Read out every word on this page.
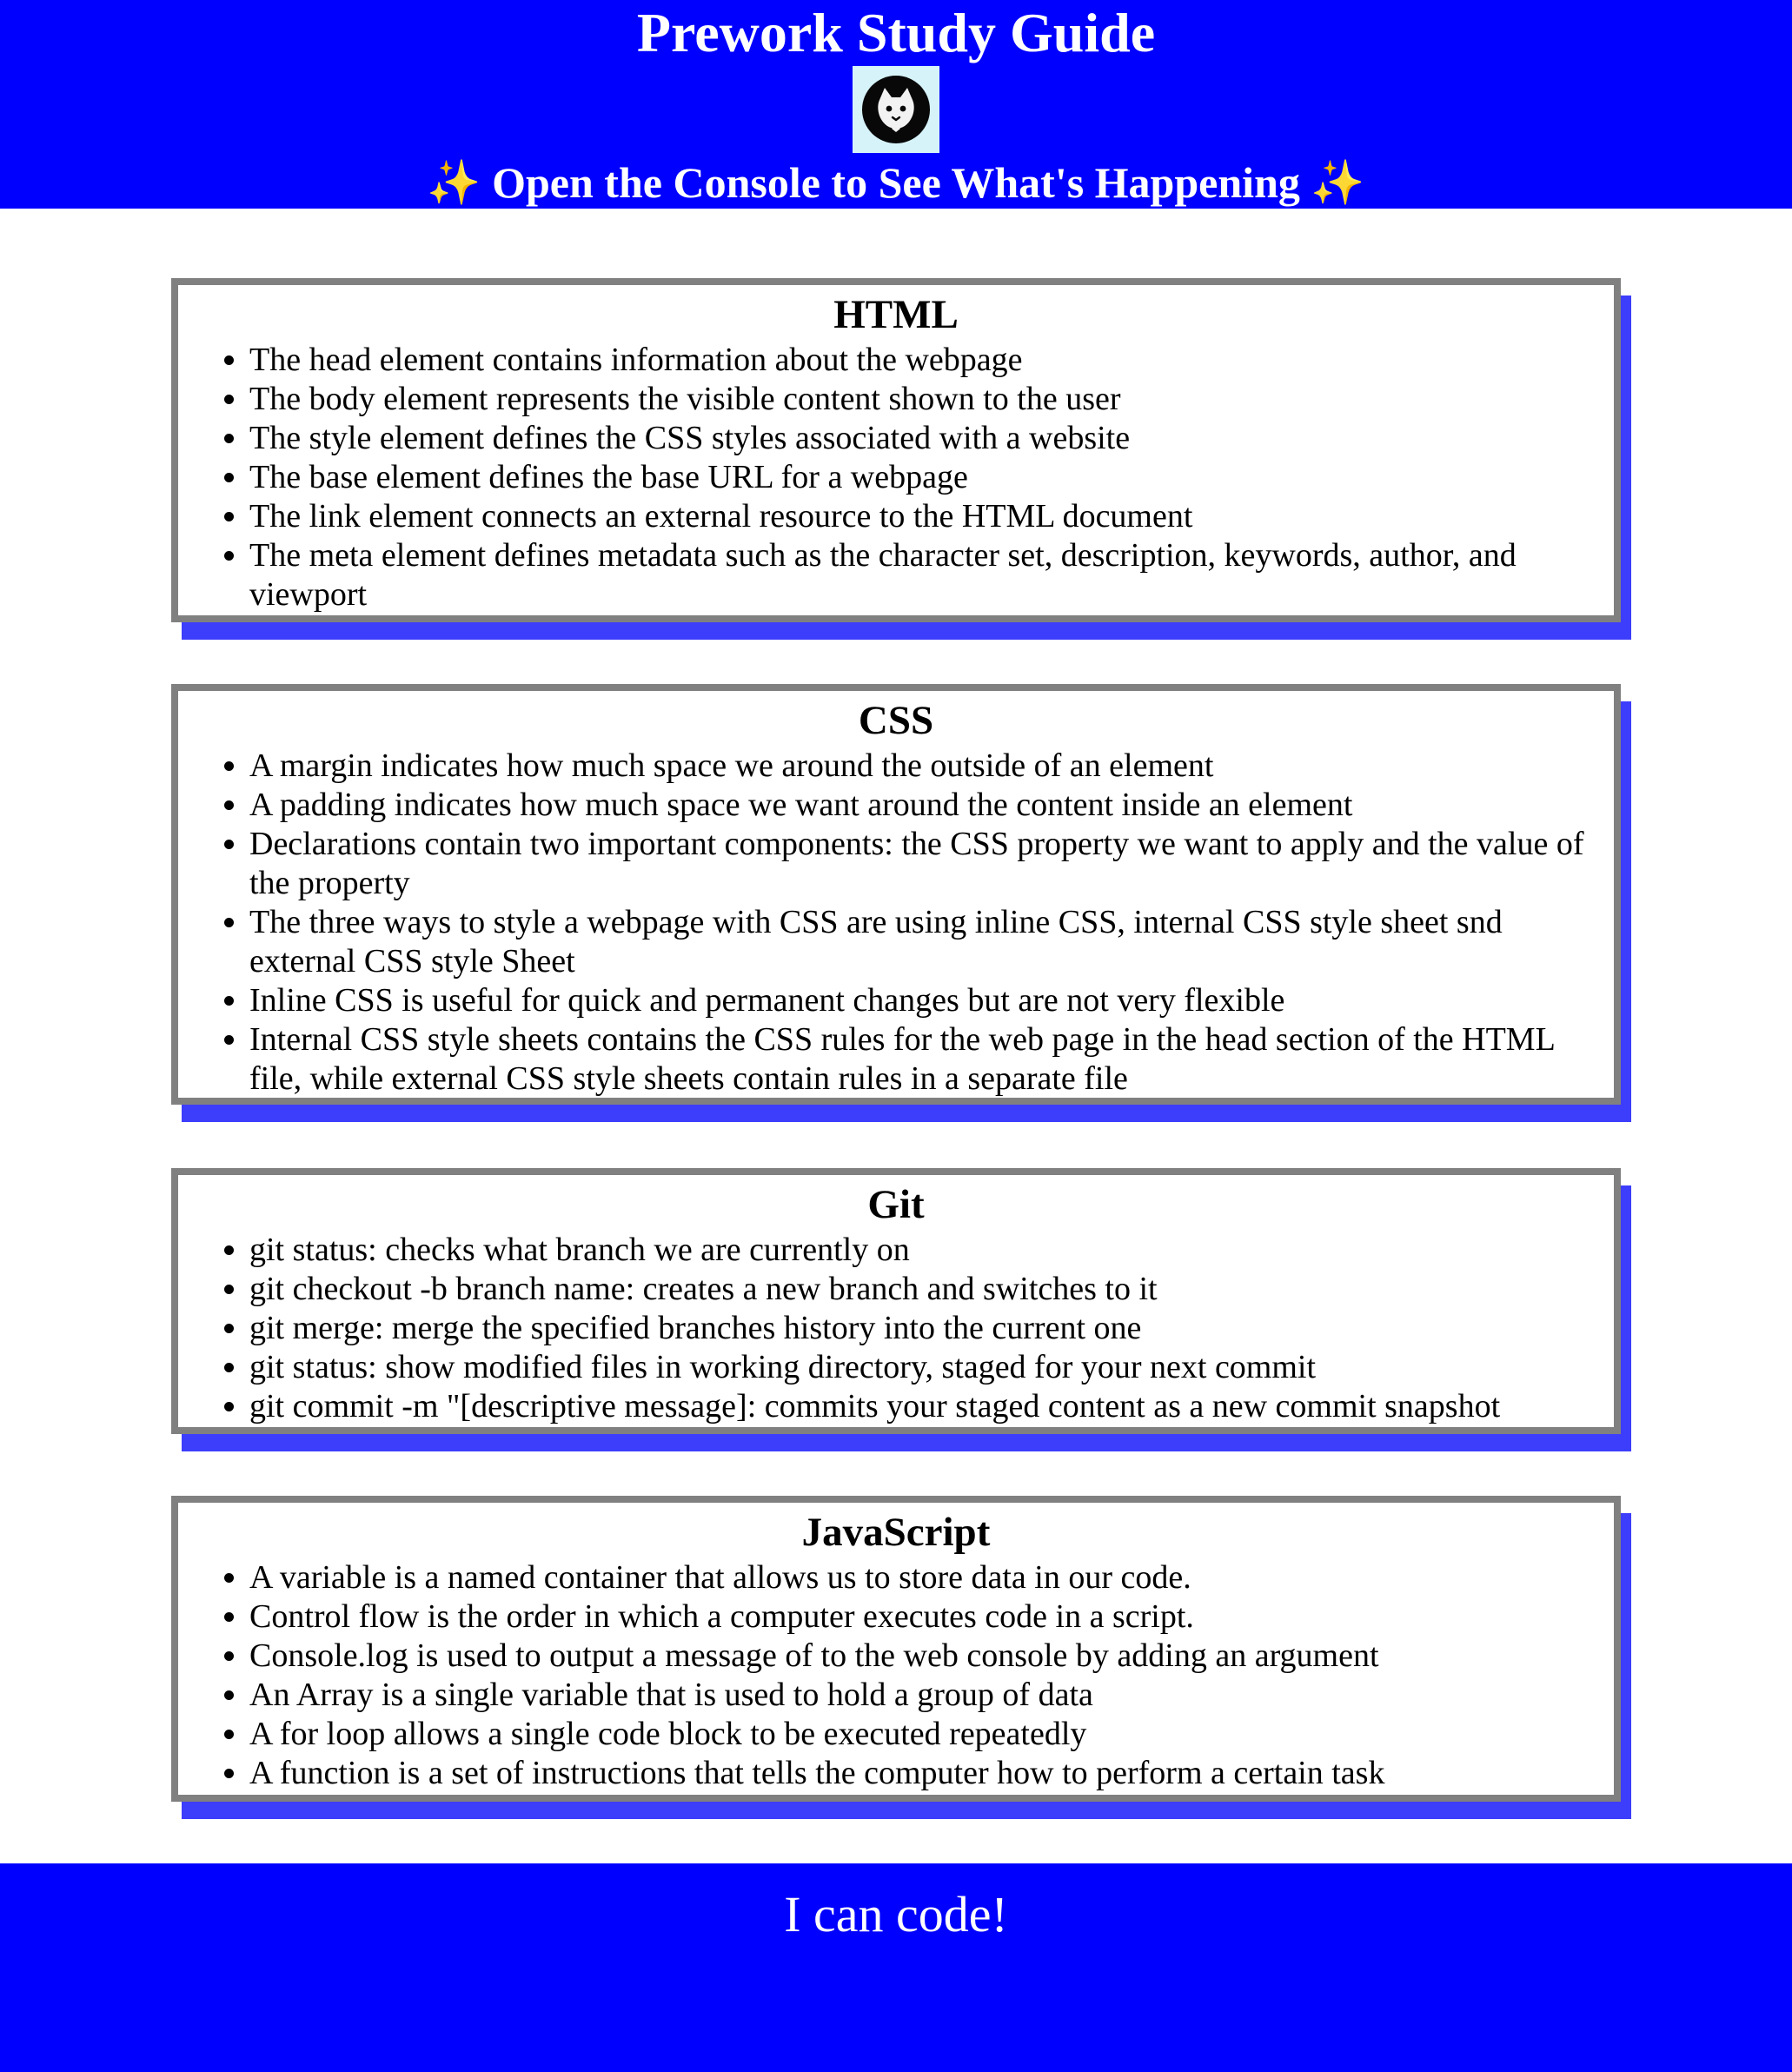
Prework Study Guide
✨ Open the Console to See What's Happening ✨
HTML
• The head element contains information about the webpage
• The body element represents the visible content shown to the user
• The style element defines the CSS styles associated with a website
• The base element defines the base URL for a webpage
• The link element connects an external resource to the HTML document
• The meta element defines metadata such as the character set, description, keywords, author, and viewport
CSS
• A margin indicates how much space we around the outside of an element
• A padding indicates how much space we want around the content inside an element
• Declarations contain two important components: the CSS property we want to apply and the value of the property
• The three ways to style a webpage with CSS are using inline CSS, internal CSS style sheet snd external CSS style Sheet
• Inline CSS is useful for quick and permanent changes but are not very flexible
• Internal CSS style sheets contains the CSS rules for the web page in the head section of the HTML file, while external CSS style sheets contain rules in a separate file
Git
• git status: checks what branch we are currently on
• git checkout -b branch name: creates a new branch and switches to it
• git merge: merge the specified branches history into the current one
• git status: show modified files in working directory, staged for your next commit
• git commit -m "[descriptive message]: commits your staged content as a new commit snapshot
JavaScript
• A variable is a named container that allows us to store data in our code.
• Control flow is the order in which a computer executes code in a script.
• Console.log is used to output a message of to the web console by adding an argument
• An Array is a single variable that is used to hold a group of data
• A for loop allows a single code block to be executed repeatedly
• A function is a set of instructions that tells the computer how to perform a certain task

I can code!
